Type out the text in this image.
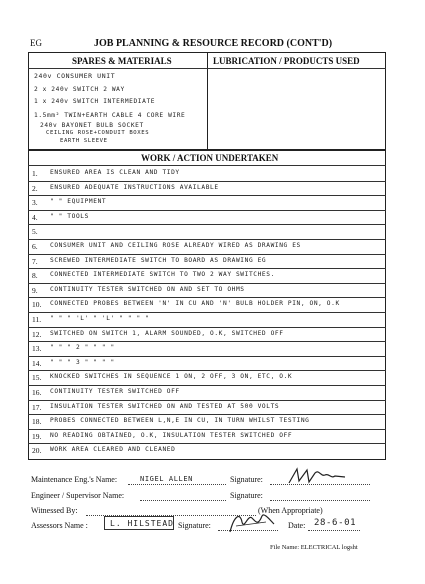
EG	JOB PLANNING & RESOURCE RECORD (CONT'D)
SPARES & MATERIALS	LUBRICATION / PRODUCTS USED
240v CONSUMER UNIT
2 x 240v SWITCH 2 WAY
1 x 240v SWITCH INTERMEDIATE
1.5mm² TWIN+EARTH CABLE 4 CORE WIRE
240v BAYONET BULB SOCKET
CEILING ROSE+CONDUIT BOXES
EARTH SLEEVE
WORK / ACTION UNDERTAKEN
1. ENSURED AREA IS CLEAN AND TIDY
2. ENSURED ADEQUATE INSTRUCTIONS AVAILABLE
3. " " EQUIPMENT
4. " " TOOLS
5.
6. CONSUMER UNIT AND CEILING ROSE ALREADY WIRED AS DRAWING ES
7. SCREWED INTERMEDIATE SWITCH TO BOARD AS DRAWING EG
8. CONNECTED INTERMEDIATE SWITCH TO TWO 2 WAY SWITCHES.
9. CONTINUITY TESTER SWITCHED ON AND SET TO OHMS
10. CONNECTED PROBES BETWEEN 'N' IN CU AND 'N' BULB HOLDER PIN, ON, O.K
11. " " " 'L' " 'L' " " " "
12. SWITCHED ON SWITCH 1, ALARM SOUNDED, O.K, SWITCHED OFF
13. " " " 2 " " " "
14. " " " 3 " " " "
15. KNOCKED SWITCHES IN SEQUENCE 1 ON, 2 OFF, 3 ON, ETC, O.K
16. CONTINUITY TESTER SWITCHED OFF
17. INSULATION TESTER SWITCHED ON AND TESTED AT 500 VOLTS
18. PROBES CONNECTED BETWEEN L,N,E IN CU, IN TURN WHILST TESTING
19. NO READING OBTAINED, O.K, INSULATION TESTER SWITCHED OFF
20. WORK AREA CLEARED AND CLEANED
Maintenance Eng.'s Name:	NIGEL ALLEN	Signature:
Engineer / Supervisor Name:	Signature:
Witnessed By:	(When Appropriate)
Assessors Name :	L. HILSTEAD Signature:	Date: 28-6-01
File Name: ELECTRICAL logsht
